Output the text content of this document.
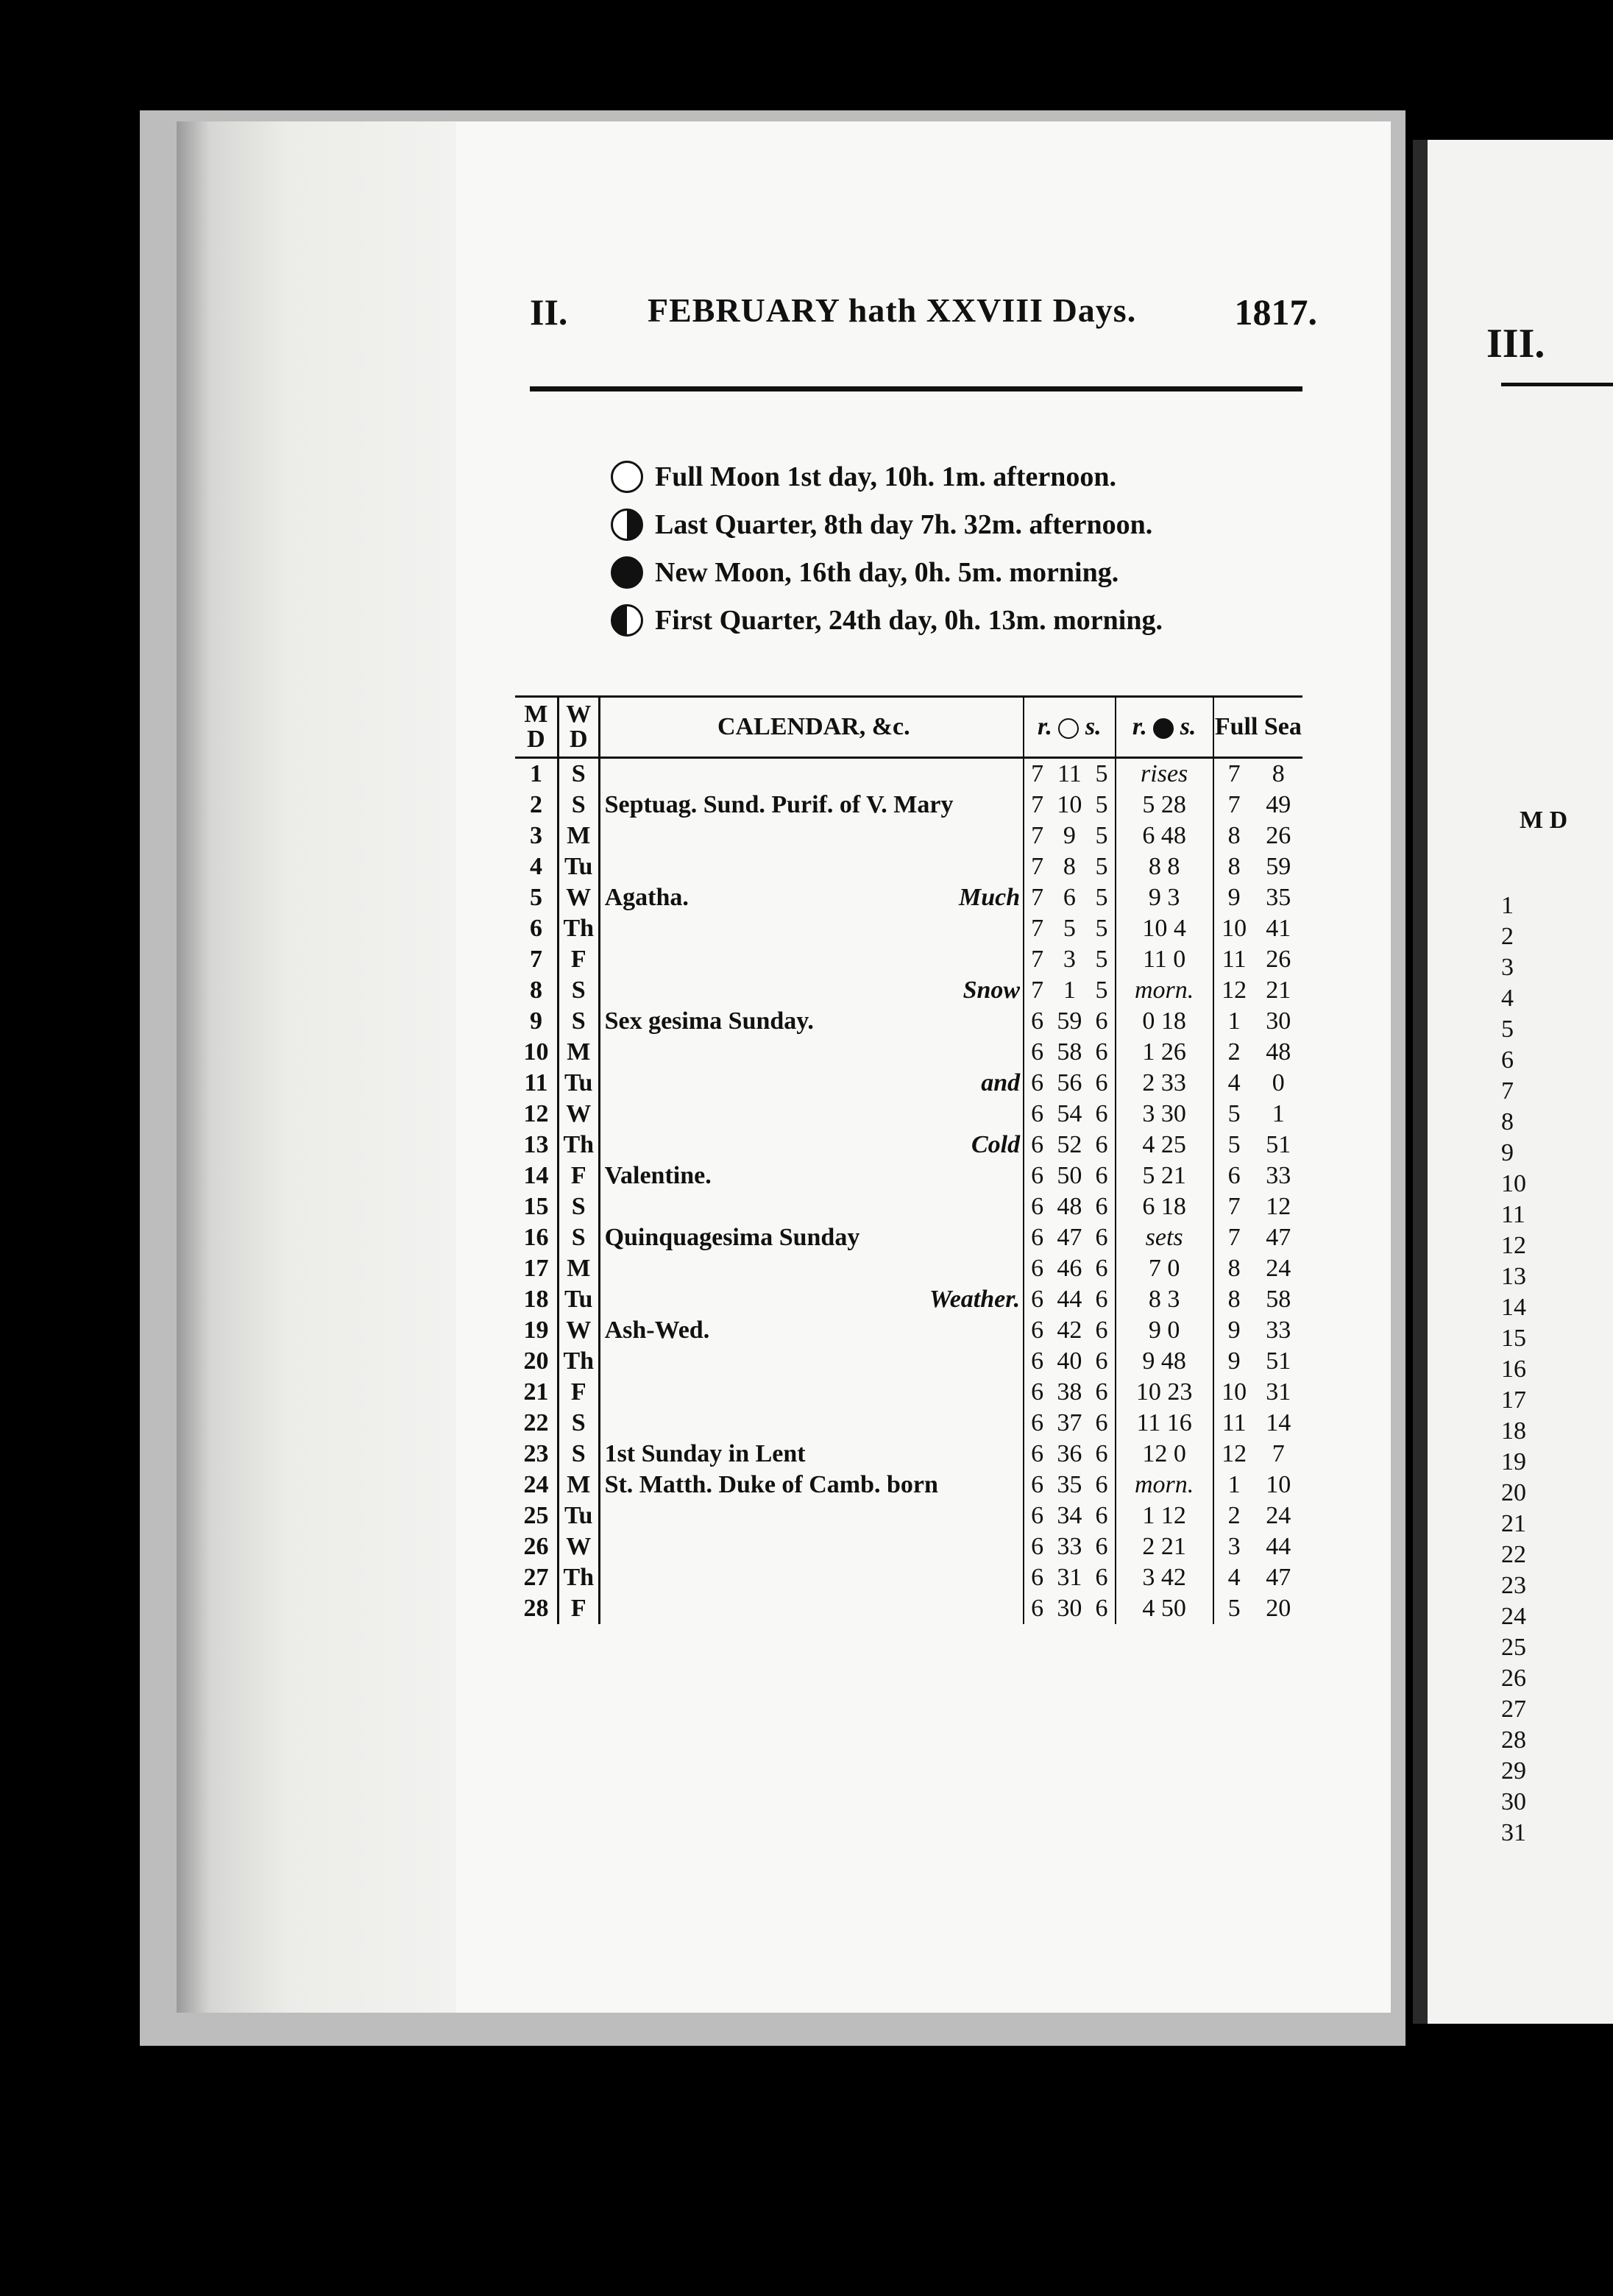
III.
M D
1
2
3
4
5
6
7
8
9
10
11
12
13
14
15
16
17
18
19
20
21
22
23
24
25
26
27
28
29
30
31
II. FEBRUARY hath XXVIII Days.	1817.
Full Moon 1st day, 10h. 1m. afternoon.
Last Quarter, 8th day 7h. 32m. afternoon.
New Moon, 16th day, 0h. 5m. morning.
First Quarter, 24th day, 0h. 13m. morning.
M D	W D	CALENDAR, &c.	r. s.			r. s.	Full Sea	
1	S		7	11	5	rises	7	8
2	S	Septuag. Sund. Purif. of V. Mary	7	10	5	5 28	7	49
3	M		7	9	5	6 48	8	26
4	Tu		7	8	5	8 8	8	59
5	W	Agatha. Much	7	6	5	9 3	9	35
6	Th		7	5	5	10 4	10	41
7	F		7	3	5	11 0	11	26
8	S	Snow	7	1	5	morn.	12	21
9	S	Sex gesima Sunday.	6	59	6	0 18	1	30
10	M		6	58	6	1 26	2	48
11	Tu	and	6	56	6	2 33	4	0
12	W		6	54	6	3 30	5	1
13	Th	Cold	6	52	6	4 25	5	51
14	F	Valentine.	6	50	6	5 21	6	33
15	S		6	48	6	6 18	7	12
16	S	Quinquagesima Sunday	6	47	6	sets	7	47
17	M		6	46	6	7 0	8	24
18	Tu	Weather.	6	44	6	8 3	8	58
19	W	Ash-Wed.	6	42	6	9 0	9	33
20	Th		6	40	6	9 48	9	51
21	F		6	38	6	10 23	10	31
22	S		6	37	6	11 16	11	14
23	S	1st Sunday in Lent	6	36	6	12 0	12	7
24	M	St. Matth. Duke of Camb. born	6	35	6	morn.	1	10
25	Tu		6	34	6	1 12	2	24
26	W		6	33	6	2 21	3	44
27	Th		6	31	6	3 42	4	47
28	F		6	30	6	4 50	5	20
